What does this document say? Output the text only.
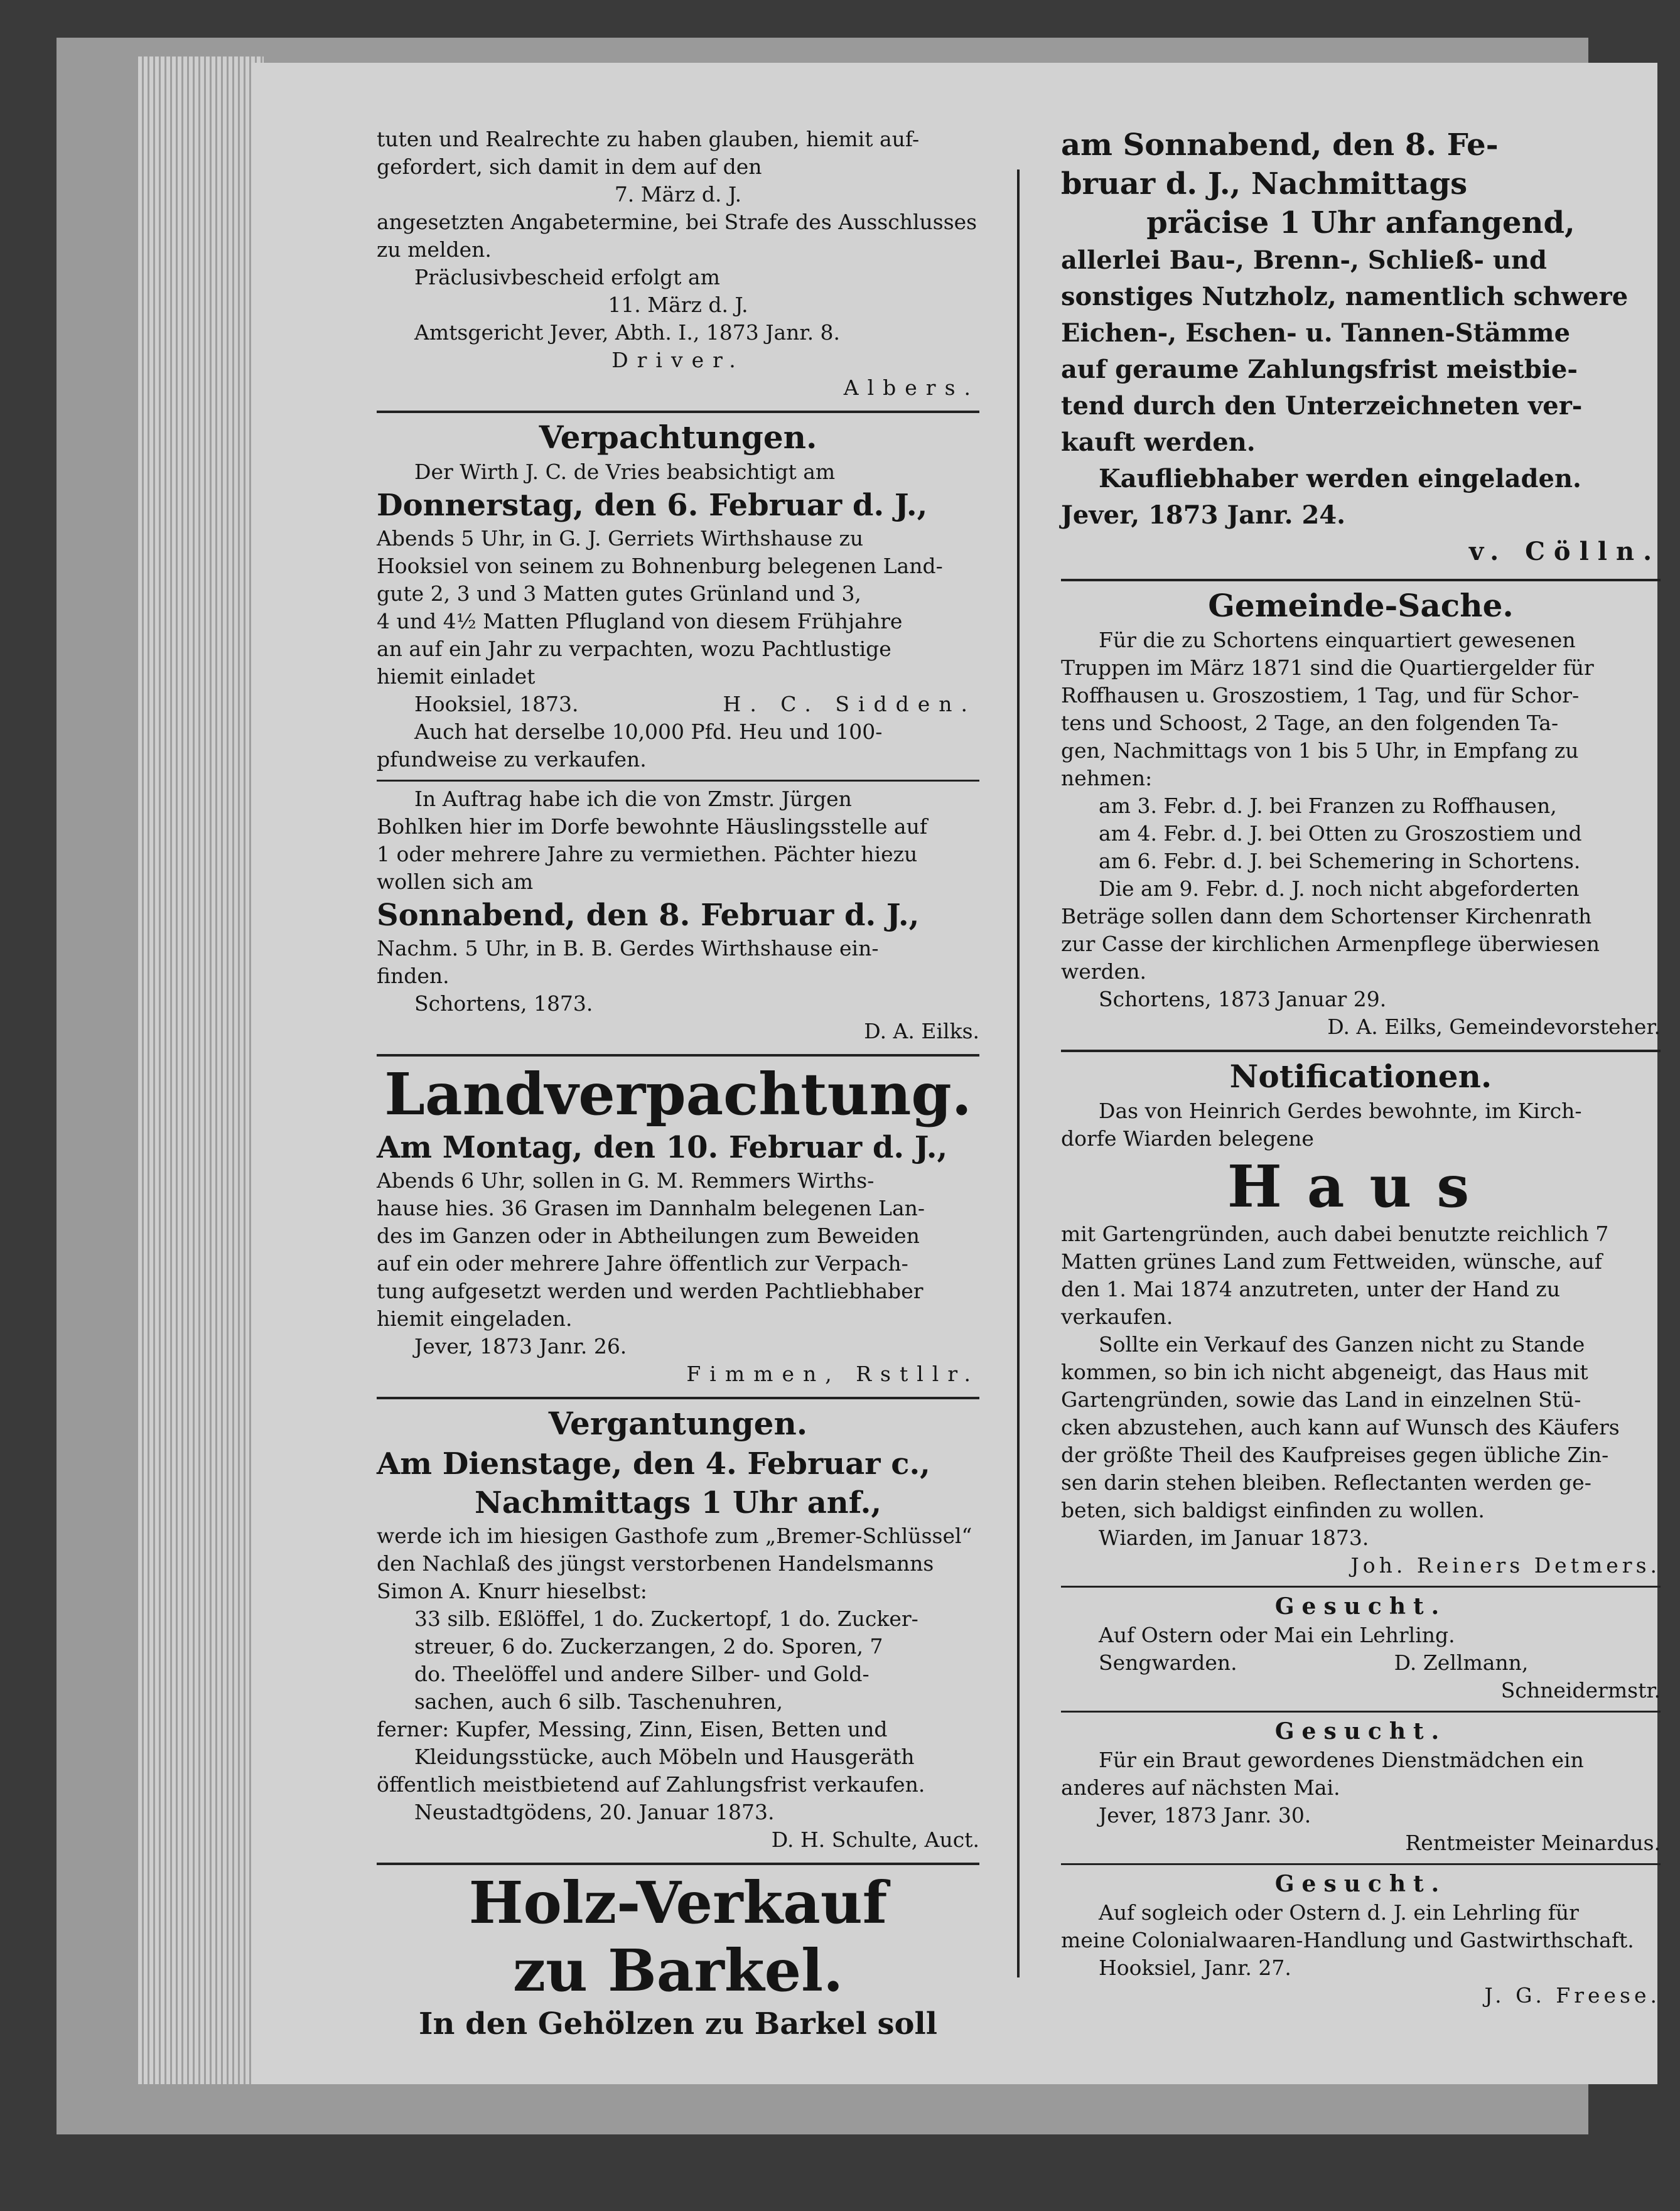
tuten und Realrechte zu haben glauben, hiemit auf-

gefordert, sich damit in dem auf den

7. März d. J.

angesetzten Angabetermine, bei Strafe des Ausschlusses

zu melden.

Präclusivbescheid erfolgt am

11. März d. J.

Amtsgericht Jever, Abth. I., 1873 Janr. 8.

Driver.

Albers.

Verpachtungen.

Der Wirth J. C. de Vries beabsichtigt am

Donnerstag, den 6. Februar d. J.,

Abends 5 Uhr, in G. J. Gerriets Wirthshause zu

Hooksiel von seinem zu Bohnenburg belegenen Land-

gute 2, 3 und 3 Matten gutes Grünland und 3,

4 und 4½ Matten Pflugland von diesem Frühjahre

an auf ein Jahr zu verpachten, wozu Pachtlustige

hiemit einladet

Hooksiel, 1873.	H. C. Sidden.

Auch hat derselbe 10,000 Pfd. Heu und 100-

pfundweise zu verkaufen.

In Auftrag habe ich die von Zmstr. Jürgen

Bohlken hier im Dorfe bewohnte Häuslingsstelle auf

1 oder mehrere Jahre zu vermiethen. Pächter hiezu

wollen sich am

Sonnabend, den 8. Februar d. J.,

Nachm. 5 Uhr, in B. B. Gerdes Wirthshause ein-

finden.

Schortens, 1873.

D. A. Eilks.

Landverpachtung.

Am Montag, den 10. Februar d. J.,

Abends 6 Uhr, sollen in G. M. Remmers Wirths-

hause hies. 36 Grasen im Dannhalm belegenen Lan-

des im Ganzen oder in Abtheilungen zum Beweiden

auf ein oder mehrere Jahre öffentlich zur Verpach-

tung aufgesetzt werden und werden Pachtliebhaber

hiemit eingeladen.

Jever, 1873 Janr. 26.

Fimmen, Rstllr.

Vergantungen.

Am Dienstage, den 4. Februar c.,

Nachmittags 1 Uhr anf.,

werde ich im hiesigen Gasthofe zum „Bremer-Schlüssel“

den Nachlaß des jüngst verstorbenen Handelsmanns

Simon A. Knurr hieselbst:

33 silb. Eßlöffel, 1 do. Zuckertopf, 1 do. Zucker-

streuer, 6 do. Zuckerzangen, 2 do. Sporen, 7

do. Theelöffel und andere Silber- und Gold-

sachen, auch 6 silb. Taschenuhren,

ferner: Kupfer, Messing, Zinn, Eisen, Betten und

Kleidungsstücke, auch Möbeln und Hausgeräth

öffentlich meistbietend auf Zahlungsfrist verkaufen.

Neustadtgödens, 20. Januar 1873.

D. H. Schulte, Auct.

Holz-Verkauf

zu Barkel.

In den Gehölzen zu Barkel soll

am Sonnabend, den 8. Fe-

bruar d. J., Nachmittags

präcise 1 Uhr anfangend,

allerlei Bau-, Brenn-, Schließ- und

sonstiges Nutzholz, namentlich schwere

Eichen-, Eschen- u. Tannen-Stämme

auf geraume Zahlungsfrist meistbie-

tend durch den Unterzeichneten ver-

kauft werden.

Kaufliebhaber werden eingeladen.

Jever, 1873 Janr. 24.

v. Cölln.

Gemeinde-Sache.

Für die zu Schortens einquartiert gewesenen

Truppen im März 1871 sind die Quartiergelder für

Roffhausen u. Groszostiem, 1 Tag, und für Schor-

tens und Schoost, 2 Tage, an den folgenden Ta-

gen, Nachmittags von 1 bis 5 Uhr, in Empfang zu

nehmen:

am 3. Febr. d. J. bei Franzen zu Roffhausen,

am 4. Febr. d. J. bei Otten zu Groszostiem und

am 6. Febr. d. J. bei Schemering in Schortens.

Die am 9. Febr. d. J. noch nicht abgeforderten

Beträge sollen dann dem Schortenser Kirchenrath

zur Casse der kirchlichen Armenpflege überwiesen

werden.

Schortens, 1873 Januar 29.

D. A. Eilks, Gemeindevorsteher.

Notificationen.

Das von Heinrich Gerdes bewohnte, im Kirch-

dorfe Wiarden belegene

Haus

mit Gartengründen, auch dabei benutzte reichlich 7

Matten grünes Land zum Fettweiden, wünsche, auf

den 1. Mai 1874 anzutreten, unter der Hand zu

verkaufen.

Sollte ein Verkauf des Ganzen nicht zu Stande

kommen, so bin ich nicht abgeneigt, das Haus mit

Gartengründen, sowie das Land in einzelnen Stü-

cken abzustehen, auch kann auf Wunsch des Käufers

der größte Theil des Kaufpreises gegen übliche Zin-

sen darin stehen bleiben. Reflectanten werden ge-

beten, sich baldigst einfinden zu wollen.

Wiarden, im Januar 1873.

Joh. Reiners Detmers.

Gesucht.

Auf Ostern oder Mai ein Lehrling.

Sengwarden.	D. Zellmann,

Schneidermstr.

Gesucht.

Für ein Braut gewordenes Dienstmädchen ein

anderes auf nächsten Mai.

Jever, 1873 Janr. 30.

Rentmeister Meinardus.

Gesucht.

Auf sogleich oder Ostern d. J. ein Lehrling für

meine Colonialwaaren-Handlung und Gastwirthschaft.

Hooksiel, Janr. 27.

J. G. Freese.
